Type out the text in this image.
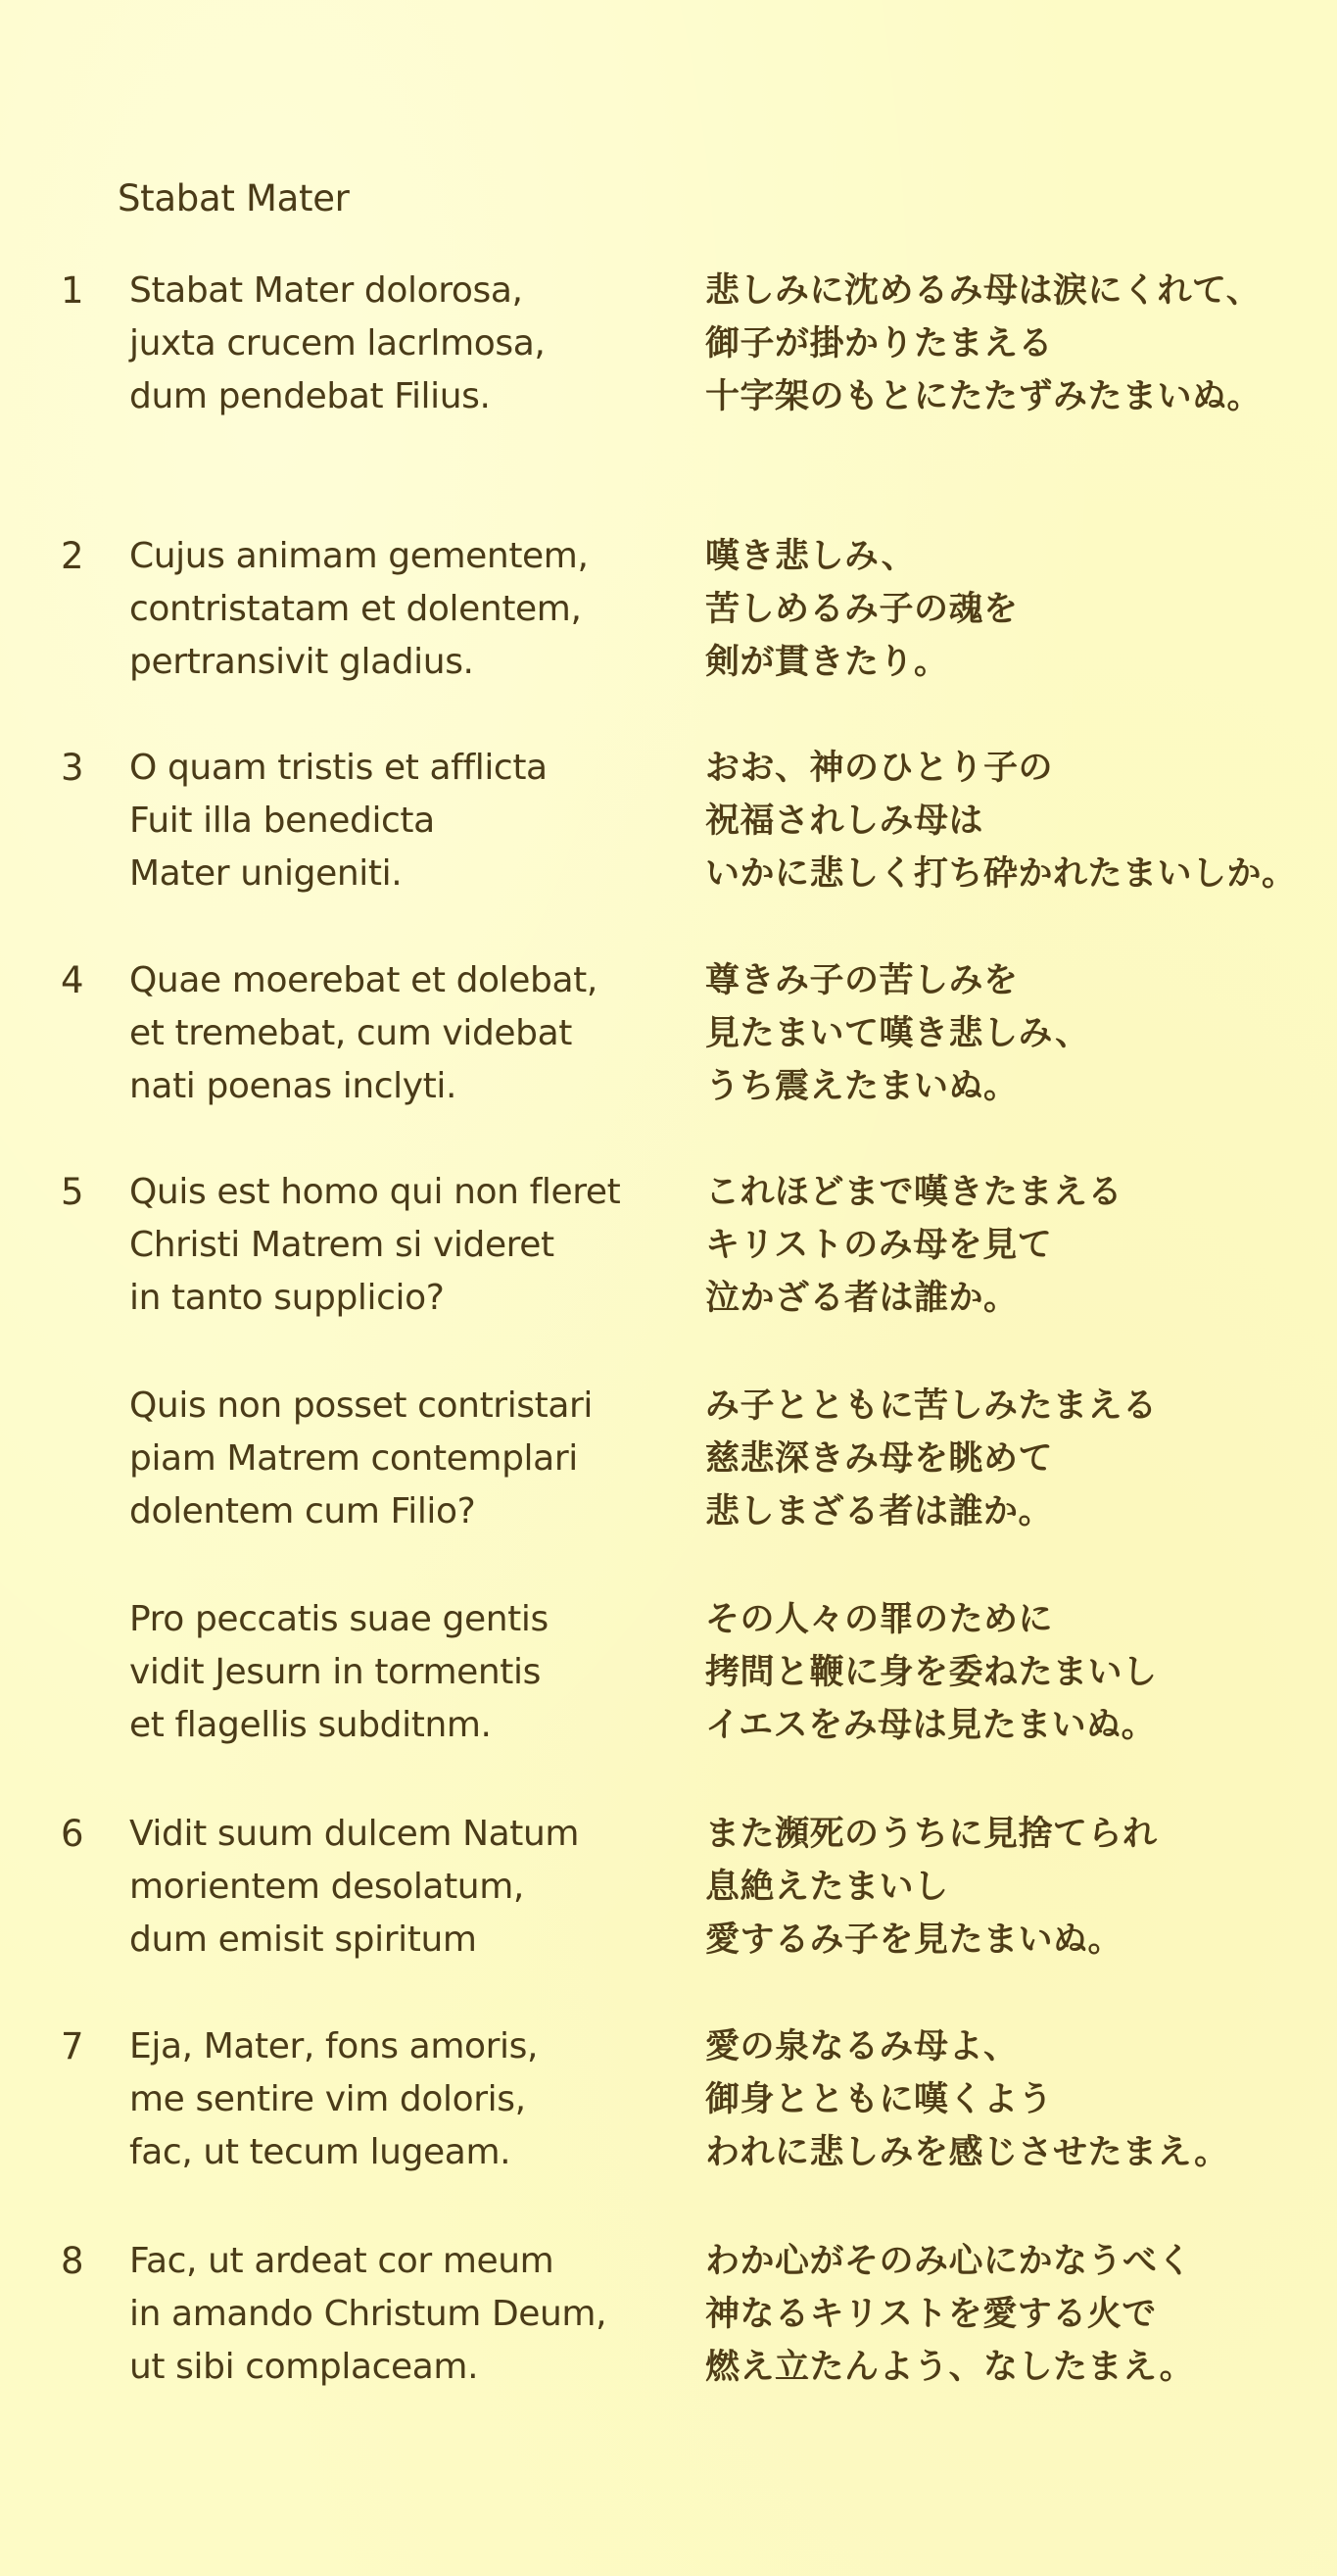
Stabat Mater
1 Stabat Mater dolorosa,
juxta crucem lacrlmosa,
dum pendebat Filius.
悲しみに沈めるみ母は涙にくれて、
御子が掛かりたまえる
十字架のもとにたたずみたまいぬ。
2 Cujus animam gementem,
contristatam et dolentem,
pertransivit gladius.
嘆き悲しみ、
苦しめるみ子の魂を
剣が貫きたり。
3 O quam tristis et afflicta
Fuit illa benedicta
Mater unigeniti.
おお、神のひとり子の
祝福されしみ母は
いかに悲しく打ち砕かれたまいしか。
4 Quae moerebat et dolebat,
et tremebat, cum videbat
nati poenas inclyti.
尊きみ子の苦しみを
見たまいて嘆き悲しみ、
うち震えたまいぬ。
5 Quis est homo qui non fleret
Christi Matrem si videret
in tanto supplicio?
これほどまで嘆きたまえる
キリストのみ母を見て
泣かざる者は誰か。
Quis non posset contristari
piam Matrem contemplari
dolentem cum Filio?
み子とともに苦しみたまえる
慈悲深きみ母を眺めて
悲しまざる者は誰か。
Pro peccatis suae gentis
vidit Jesurn in tormentis
et flagellis subditnm.
その人々の罪のために
拷問と鞭に身を委ねたまいし
イエスをみ母は見たまいぬ。
6 Vidit suum dulcem Natum
morientem desolatum,
dum emisit spiritum
また瀕死のうちに見捨てられ
息絶えたまいし
愛するみ子を見たまいぬ。
7 Eja, Mater, fons amoris,
me sentire vim doloris,
fac, ut tecum lugeam.
愛の泉なるみ母よ、
御身とともに嘆くよう
われに悲しみを感じさせたまえ。
8 Fac, ut ardeat cor meum
in amando Christum Deum,
ut sibi complaceam.
わか心がそのみ心にかなうべく
神なるキリストを愛する火で
燃え立たんよう、なしたまえ。
